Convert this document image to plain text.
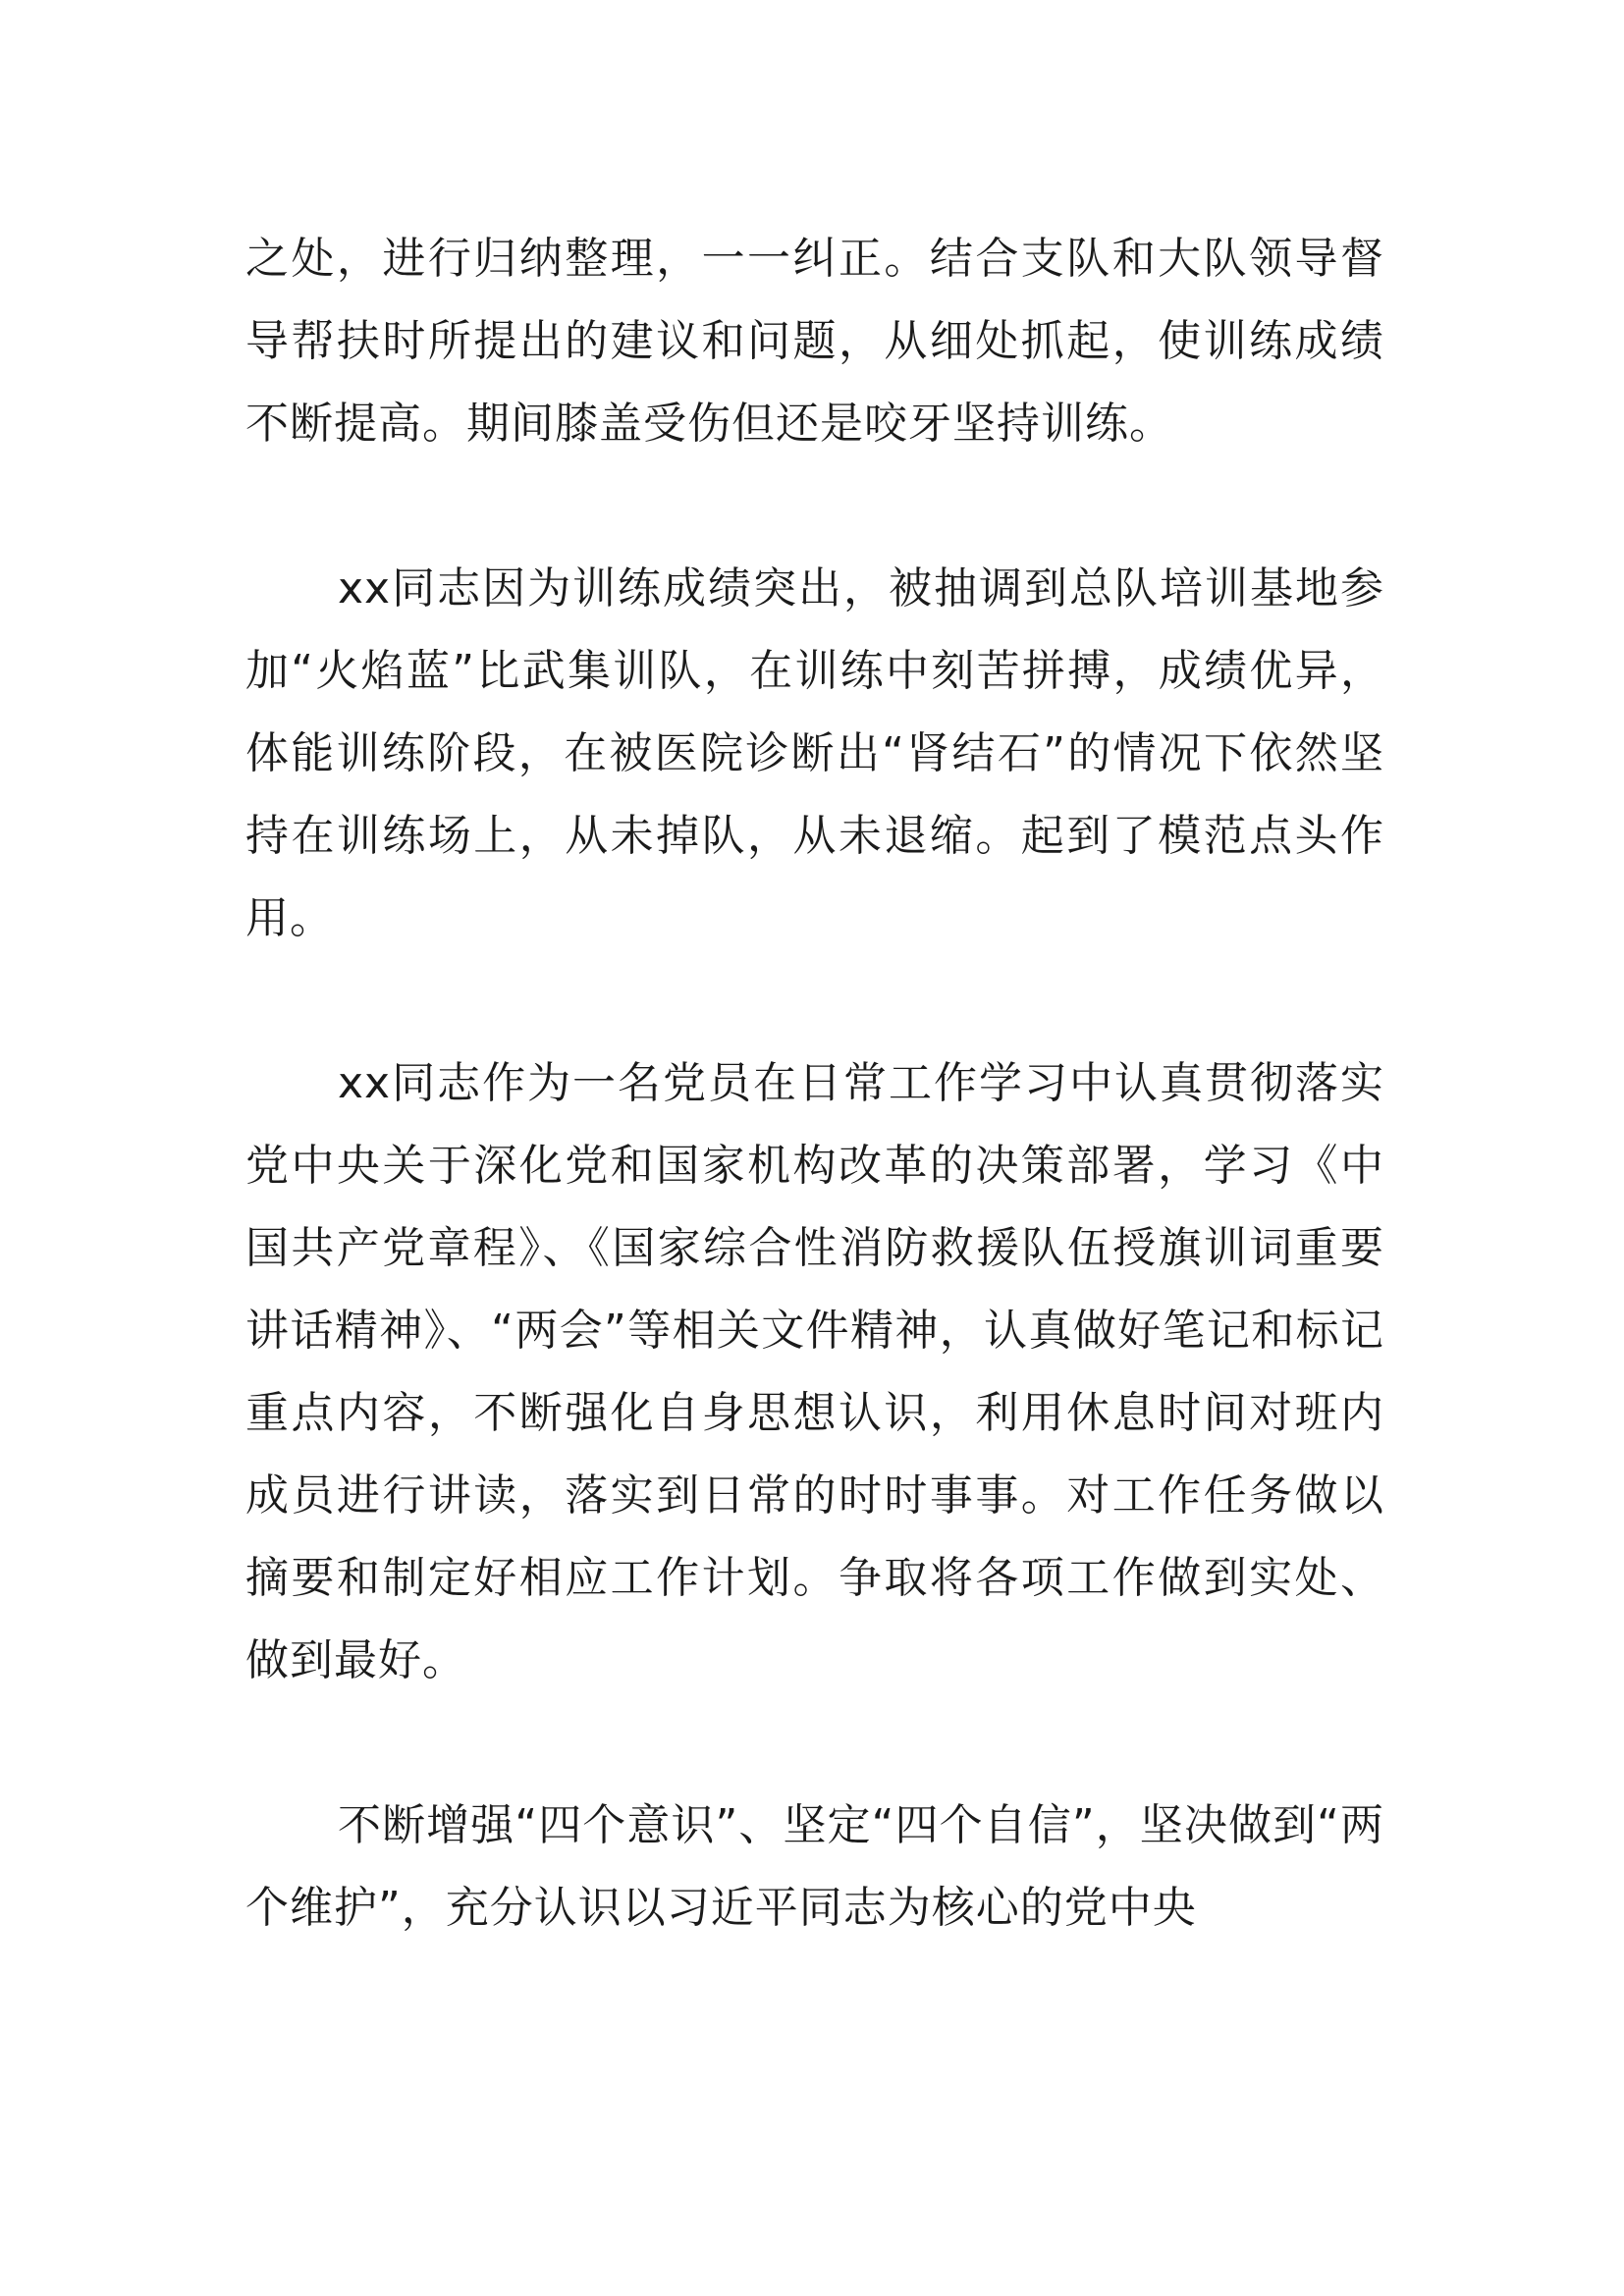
之处，进行归纳整理，一一纠正。结合支队和大队领导督导帮扶时所提出的建议和问题，从细处抓起，使训练成绩不断提高。期间膝盖受伤但还是咬牙坚持训练。

xx同志因为训练成绩突出，被抽调到总队培训基地参加“火焰蓝”比武集训队，在训练中刻苦拼搏，成绩优异，体能训练阶段，在被医院诊断出“肾结石”的情况下依然坚持在训练场上，从未掉队，从未退缩。起到了模范点头作用。

xx同志作为一名党员在日常工作学习中认真贯彻落实党中央关于深化党和国家机构改革的决策部署，学习《中国共产党章程》、《国家综合性消防救援队伍授旗训词重要讲话精神》、“两会”等相关文件精神，认真做好笔记和标记重点内容，不断强化自身思想认识，利用休息时间对班内成员进行讲读，落实到日常的时时事事。对工作任务做以摘要和制定好相应工作计划。争取将各项工作做到实处、做到最好。

不断增强“四个意识”、坚定“四个自信”，坚决做到“两个维护”，充分认识以习近平同志为核心的党中央
